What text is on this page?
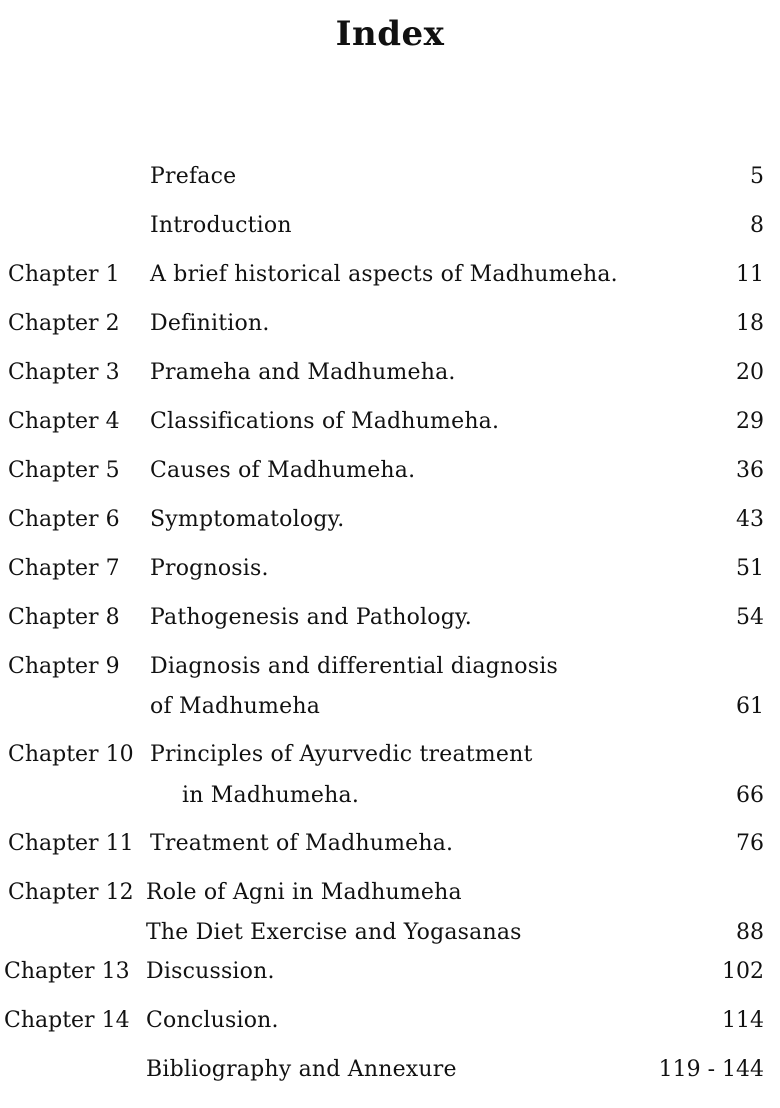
Index
Preface	5
Introduction	8
Chapter 1 A brief historical aspects of Madhumeha.	11
Chapter 2 Definition.	18
Chapter 3 Prameha and Madhumeha.	20
Chapter 4 Classifications of Madhumeha.	29
Chapter 5 Causes of Madhumeha.	36
Chapter 6 Symptomatology.	43
Chapter 7 Prognosis.	51
Chapter 8 Pathogenesis and Pathology.	54
Chapter 9 Diagnosis and differential diagnosis
of Madhumeha	61
Chapter 10 Principles of Ayurvedic treatment
in Madhumeha.	66
Chapter 11 Treatment of Madhumeha.	76
Chapter 12 Role of Agni in Madhumeha
The Diet Exercise and Yogasanas	88
Chapter 13 Discussion.	102
Chapter 14 Conclusion.	114
Bibliography and Annexure	119 - 144
